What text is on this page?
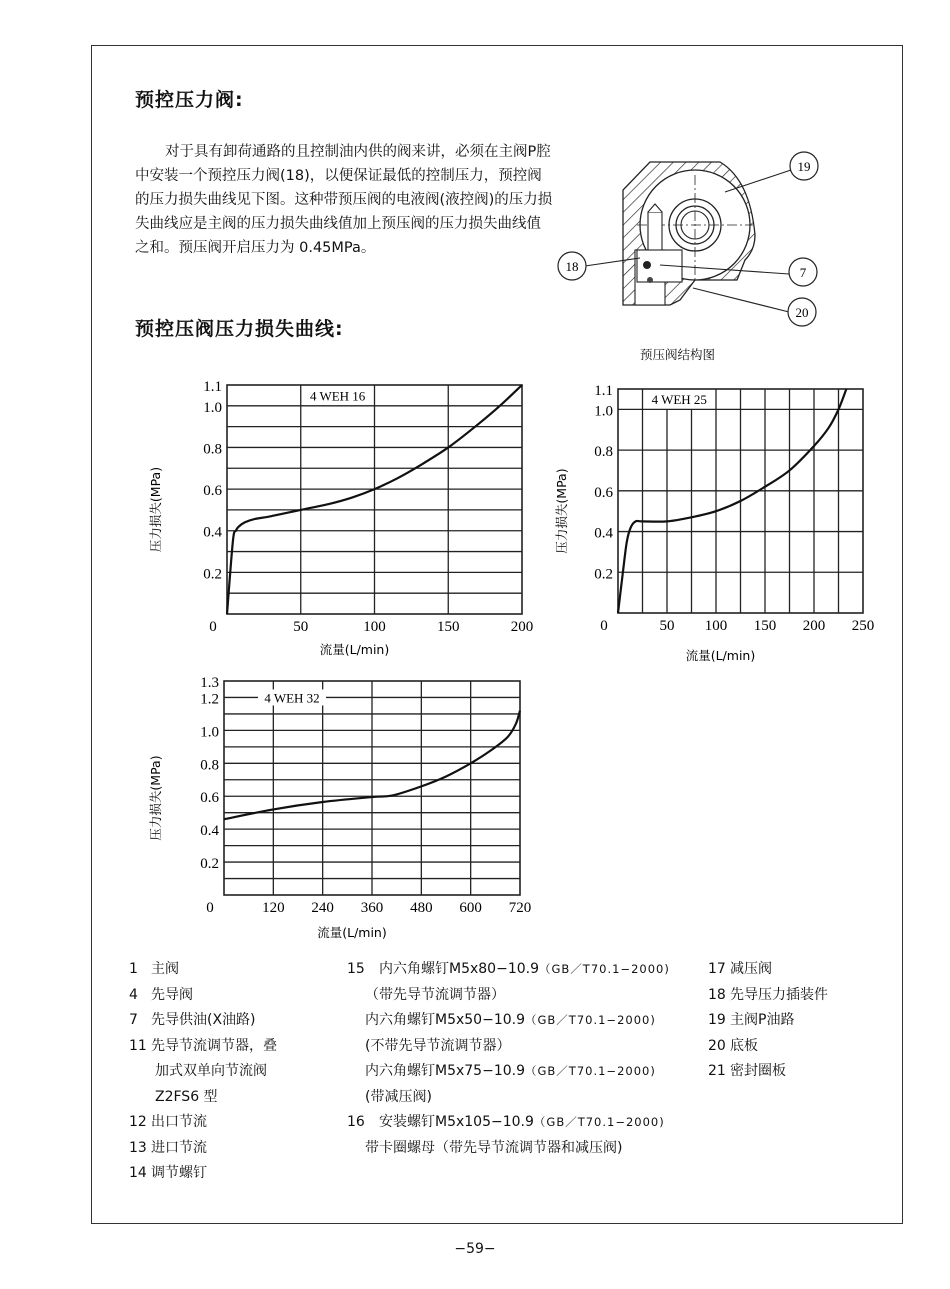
预控压力阀:
对于具有卸荷通路的且控制油内供的阀来讲，必须在主阀P腔中安装一个预控压力阀(18)，以便保证最低的控制压力，预控阀的压力损失曲线见下图。这种带预压阀的电液阀(液控阀)的压力损失曲线应是主阀的压力损失曲线值加上预压阀的压力损失曲线值之和。预压阀开启压力为 0.45MPa。
19
18	7
20
预压阀结构图
预控压阀压力损失曲线:
4 WEH 16
0.2
0.4
0.6
0.8
1.0
1.1
0	50	100	150	200
流量(L/min)
压力损失(MPa)
4 WEH 25
0.2
0.4
0.6
0.8
1.0
1.1
0	50 100 150 200 250
流量(L/min)
压力损失(MPa)
4 WEH 32
0.2
0.4
0.6
0.8
1.0
1.2
1.3
0	120 240 360 480 600 720
流量(L/min)
压力损失(MPa)
1 主阀
4 先导阀
7 先导供油(X油路)
11 先导节流调节器，叠
加式双单向节流阀
Z2FS6 型
12 出口节流
13 进口节流
14 调节螺钉
15 内六角螺钉M5x80−10.9（GB／T70.1−2000)
（带先导节流调节器）
内六角螺钉M5x50−10.9（GB／T70.1−2000)
(不带先导节流调节器）
内六角螺钉M5x75−10.9（GB／T70.1−2000)
(带减压阀)
16 安装螺钉M5x105−10.9（GB／T70.1−2000)
带卡圈螺母（带先导节流调节器和减压阀)
17 减压阀
18 先导压力插装件
19 主阀P油路
20 底板
21 密封圈板
−59−
